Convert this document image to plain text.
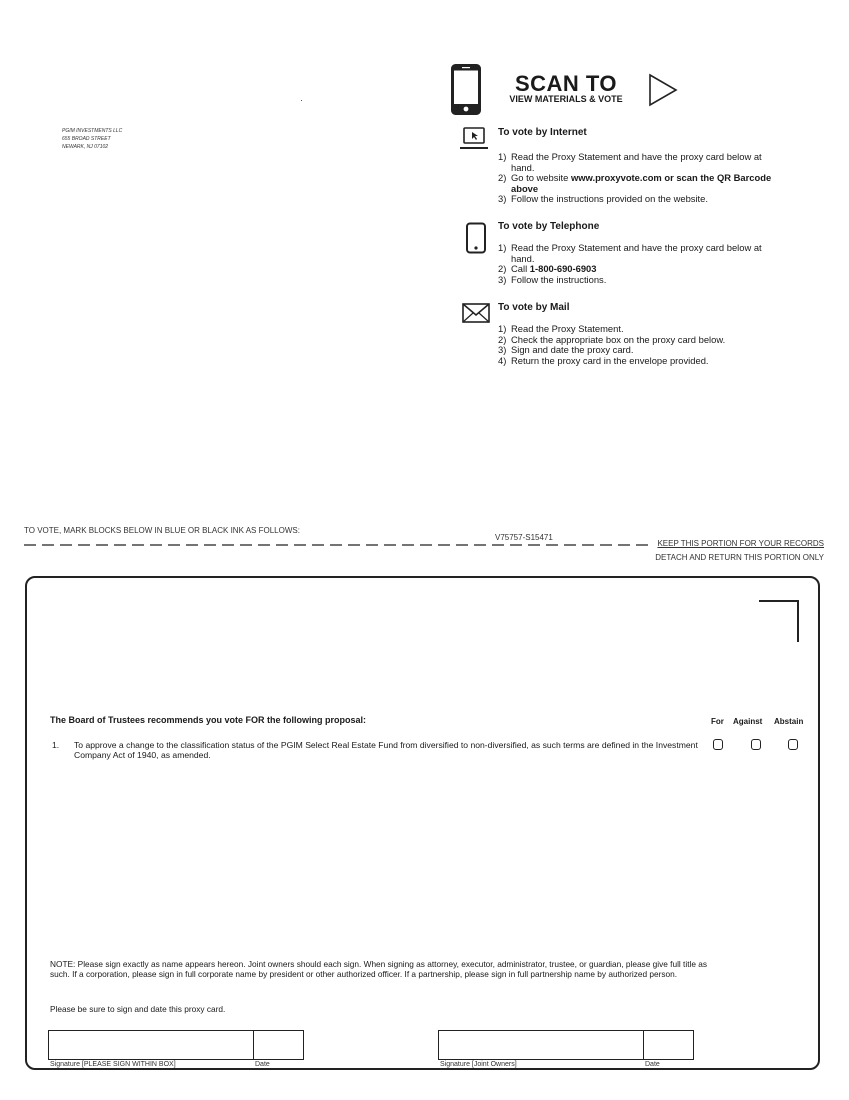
PGIM INVESTMENTS LLC
655 BROAD STREET
NEWARK, NJ 07102
SCAN TO
VIEW MATERIALS & VOTE
To vote by Internet
1) Read the Proxy Statement and have the proxy card below at hand.
2) Go to website www.proxyvote.com or scan the QR Barcode above
3) Follow the instructions provided on the website.
To vote by Telephone
1) Read the Proxy Statement and have the proxy card below at hand.
2) Call 1-800-690-6903
3) Follow the instructions.
To vote by Mail
1) Read the Proxy Statement.
2) Check the appropriate box on the proxy card below.
3) Sign and date the proxy card.
4) Return the proxy card in the envelope provided.
TO VOTE, MARK BLOCKS BELOW IN BLUE OR BLACK INK AS FOLLOWS:
V75757-S15471
KEEP THIS PORTION FOR YOUR RECORDS
DETACH AND RETURN THIS PORTION ONLY
The Board of Trustees recommends you vote FOR the following proposal:	For Against Abstain
1. To approve a change to the classification status of the PGIM Select Real Estate Fund from diversified to non-diversified, as such terms are defined in the Investment Company Act of 1940, as amended.
NOTE: Please sign exactly as name appears hereon. Joint owners should each sign. When signing as attorney, executor, administrator, trustee, or guardian, please give full title as such. If a corporation, please sign in full corporate name by president or other authorized officer. If a partnership, please sign in full partnership name by authorized person.
Please be sure to sign and date this proxy card.
Signature [PLEASE SIGN WITHIN BOX]	Date	Signature [Joint Owners]	Date
